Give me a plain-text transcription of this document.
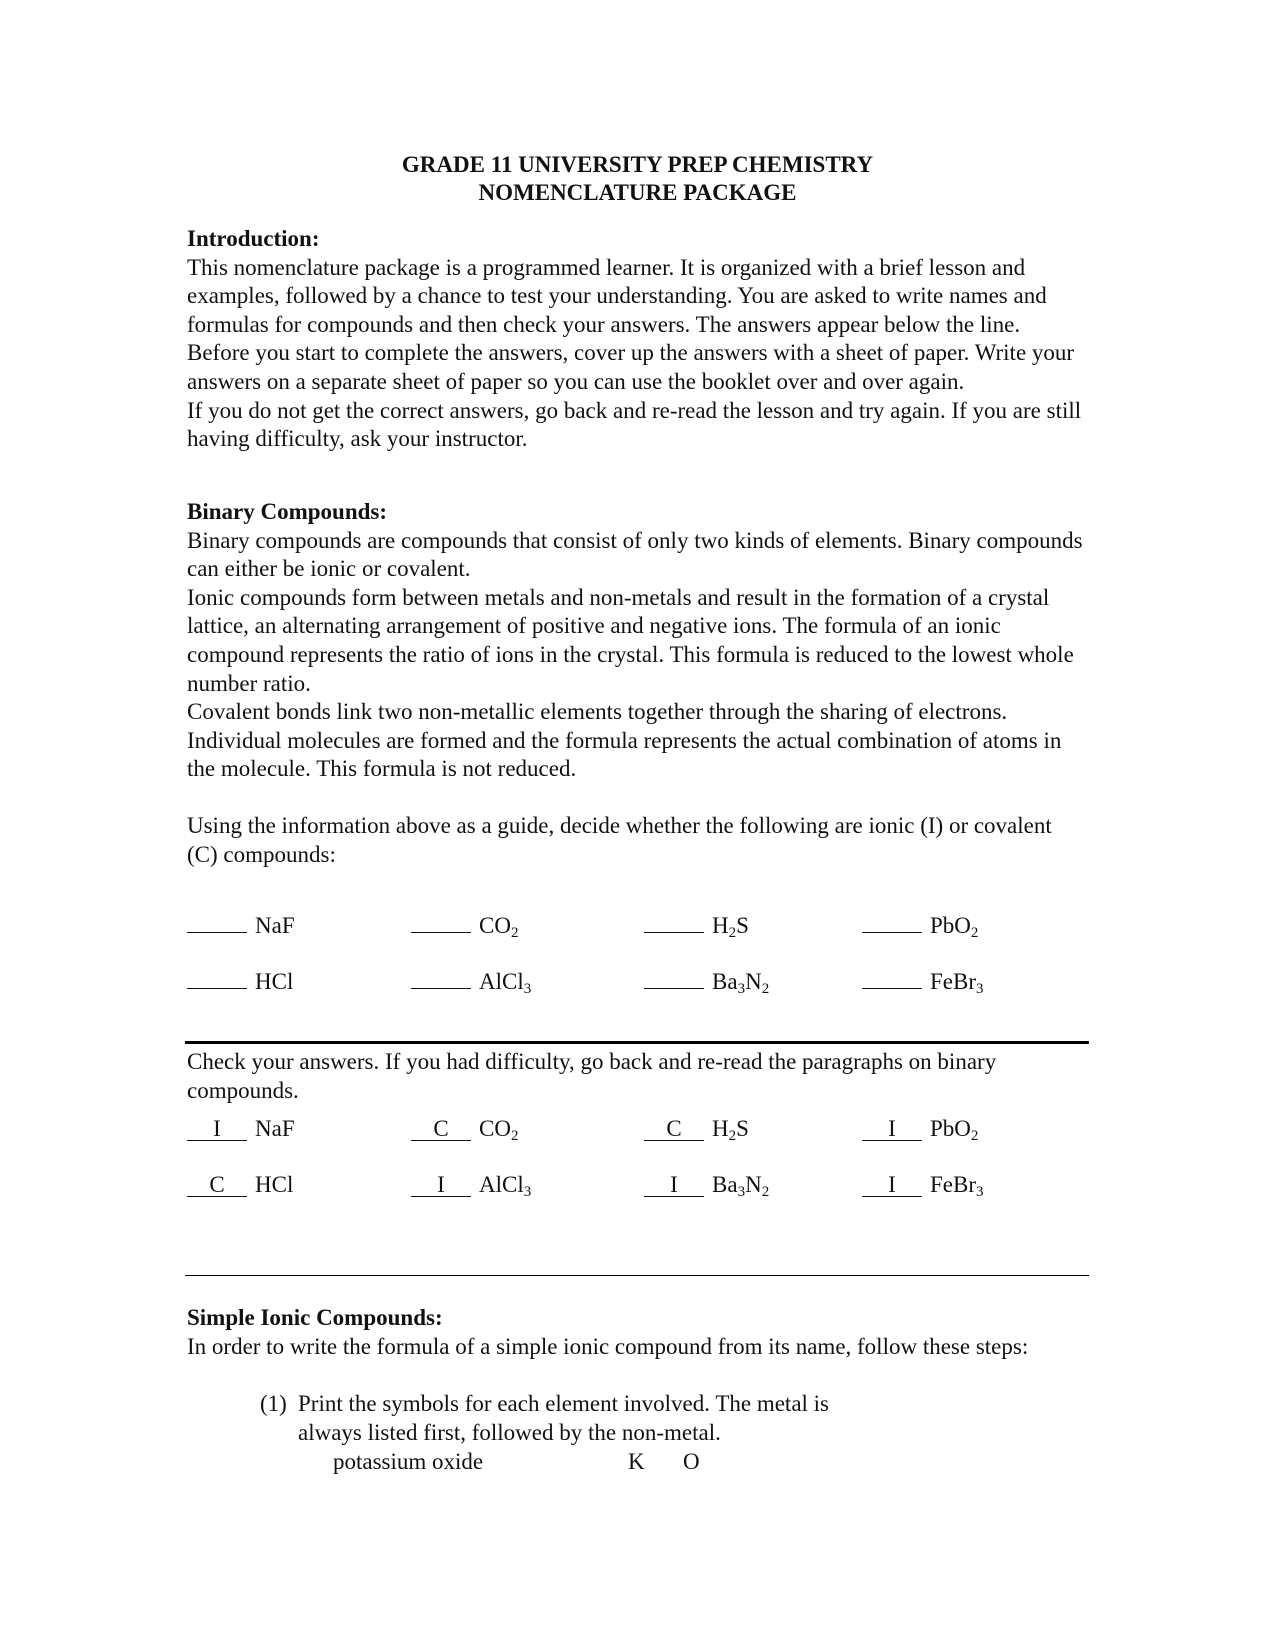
GRADE 11 UNIVERSITY PREP CHEMISTRY
NOMENCLATURE PACKAGE

Introduction:

This nomenclature package is a programmed learner. It is organized with a brief lesson and examples, followed by a chance to test your understanding. You are asked to write names and formulas for compounds and then check your answers. The answers appear below the line. Before you start to complete the answers, cover up the answers with a sheet of paper. Write your answers on a separate sheet of paper so you can use the booklet over and over again.

If you do not get the correct answers, go back and re-read the lesson and try again. If you are still having difficulty, ask your instructor.

Binary Compounds:

Binary compounds are compounds that consist of only two kinds of elements. Binary compounds can either be ionic or covalent.

Ionic compounds form between metals and non-metals and result in the formation of a crystal lattice, an alternating arrangement of positive and negative ions. The formula of an ionic compound represents the ratio of ions in the crystal. This formula is reduced to the lowest whole number ratio.

Covalent bonds link two non-metallic elements together through the sharing of electrons. Individual molecules are formed and the formula represents the actual combination of atoms in the molecule. This formula is not reduced.

Using the information above as a guide, decide whether the following are ionic (I) or covalent (C) compounds:
NaF	$CO_2$	$H_2S$	PbO$_2$
HCl	AlCl$_3$	$Ba_3N_2$	FeBr$_3$
Check your answers. If you had difficulty, go back and re-read the paragraphs on binary compounds.
I NaF	C $CO_2$	C $H_2S$	I PbO$_2$
C HCl	I AlCl$_3$	I $Ba_3N_2$	I FeBr$_3$

Simple Ionic Compounds:

In order to write the formula of a simple ionic compound from its name, follow these steps:

(1) Print the symbols for each element involved. The metal is always listed first, followed by the non-metal.
potassium oxide	K O
